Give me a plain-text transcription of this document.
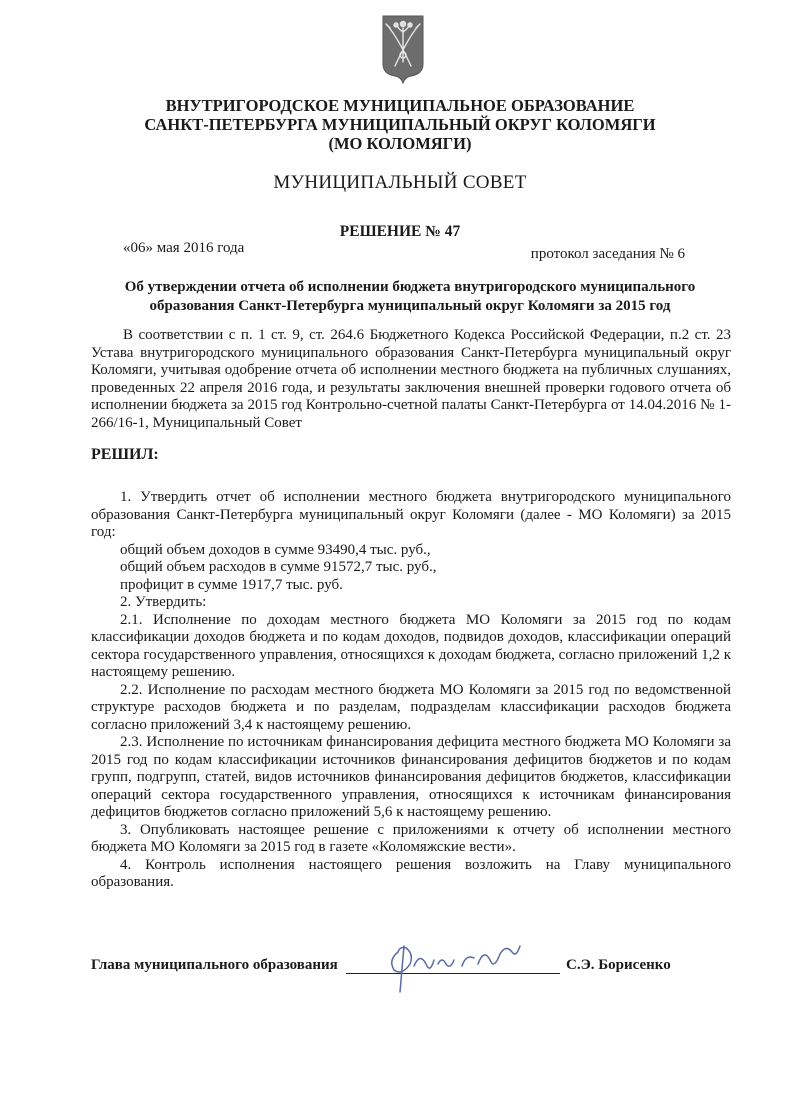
ВНУТРИГОРОДСКОЕ МУНИЦИПАЛЬНОЕ ОБРАЗОВАНИЕ
САНКТ-ПЕТЕРБУРГА МУНИЦИПАЛЬНЫЙ ОКРУГ КОЛОМЯГИ
(МО КОЛОМЯГИ)
МУНИЦИПАЛЬНЫЙ СОВЕТ
РЕШЕНИЕ № 47
«06» мая 2016 года	протокол заседания № 6
Об утверждении отчета об исполнении бюджета внутригородского муниципального
образования Санкт-Петербурга муниципальный округ Коломяги за 2015 год

В соответствии с п. 1 ст. 9, ст. 264.6 Бюджетного Кодекса Российской Федерации, п.2 ст. 23 Устава внутригородского муниципального образования Санкт-Петербурга муниципальный округ Коломяги, учитывая одобрение отчета об исполнении местного бюджета на публичных слушаниях, проведенных 22 апреля 2016 года, и результаты заключения внешней проверки годового отчета об исполнении бюджета за 2015 год Контрольно-счетной палаты Санкт-Петербурга от 14.04.2016 № 1-266/16-1, Муниципальный Совет

РЕШИЛ:

1. Утвердить отчет об исполнении местного бюджета внутригородского муниципального образования Санкт-Петербурга муниципальный округ Коломяги (далее - МО Коломяги) за 2015 год:

общий объем доходов в сумме 93490,4 тыс. руб.,

общий объем расходов в сумме 91572,7 тыс. руб.,

профицит в сумме 1917,7 тыс. руб.

2. Утвердить:

2.1. Исполнение по доходам местного бюджета МО Коломяги за 2015 год по кодам классификации доходов бюджета и по кодам доходов, подвидов доходов, классификации операций сектора государственного управления, относящихся к доходам бюджета, согласно приложений 1,2 к настоящему решению.

2.2. Исполнение по расходам местного бюджета МО Коломяги за 2015 год по ведомственной структуре расходов бюджета и по разделам, подразделам классификации расходов бюджета согласно приложений 3,4 к настоящему решению.

2.3. Исполнение по источникам финансирования дефицита местного бюджета МО Коломяги за 2015 год по кодам классификации источников финансирования дефицитов бюджетов и по кодам групп, подгрупп, статей, видов источников финансирования дефицитов бюджетов, классификации операций сектора государственного управления, относящихся к источникам финансирования дефицитов бюджетов согласно приложений 5,6 к настоящему решению.

3. Опубликовать настоящее решение с приложениями к отчету об исполнении местного бюджета МО Коломяги за 2015 год в газете «Коломяжские вести».

4. Контроль исполнения настоящего решения возложить на Главу муниципального образования.

Глава муниципального образования	С.Э. Борисенко
